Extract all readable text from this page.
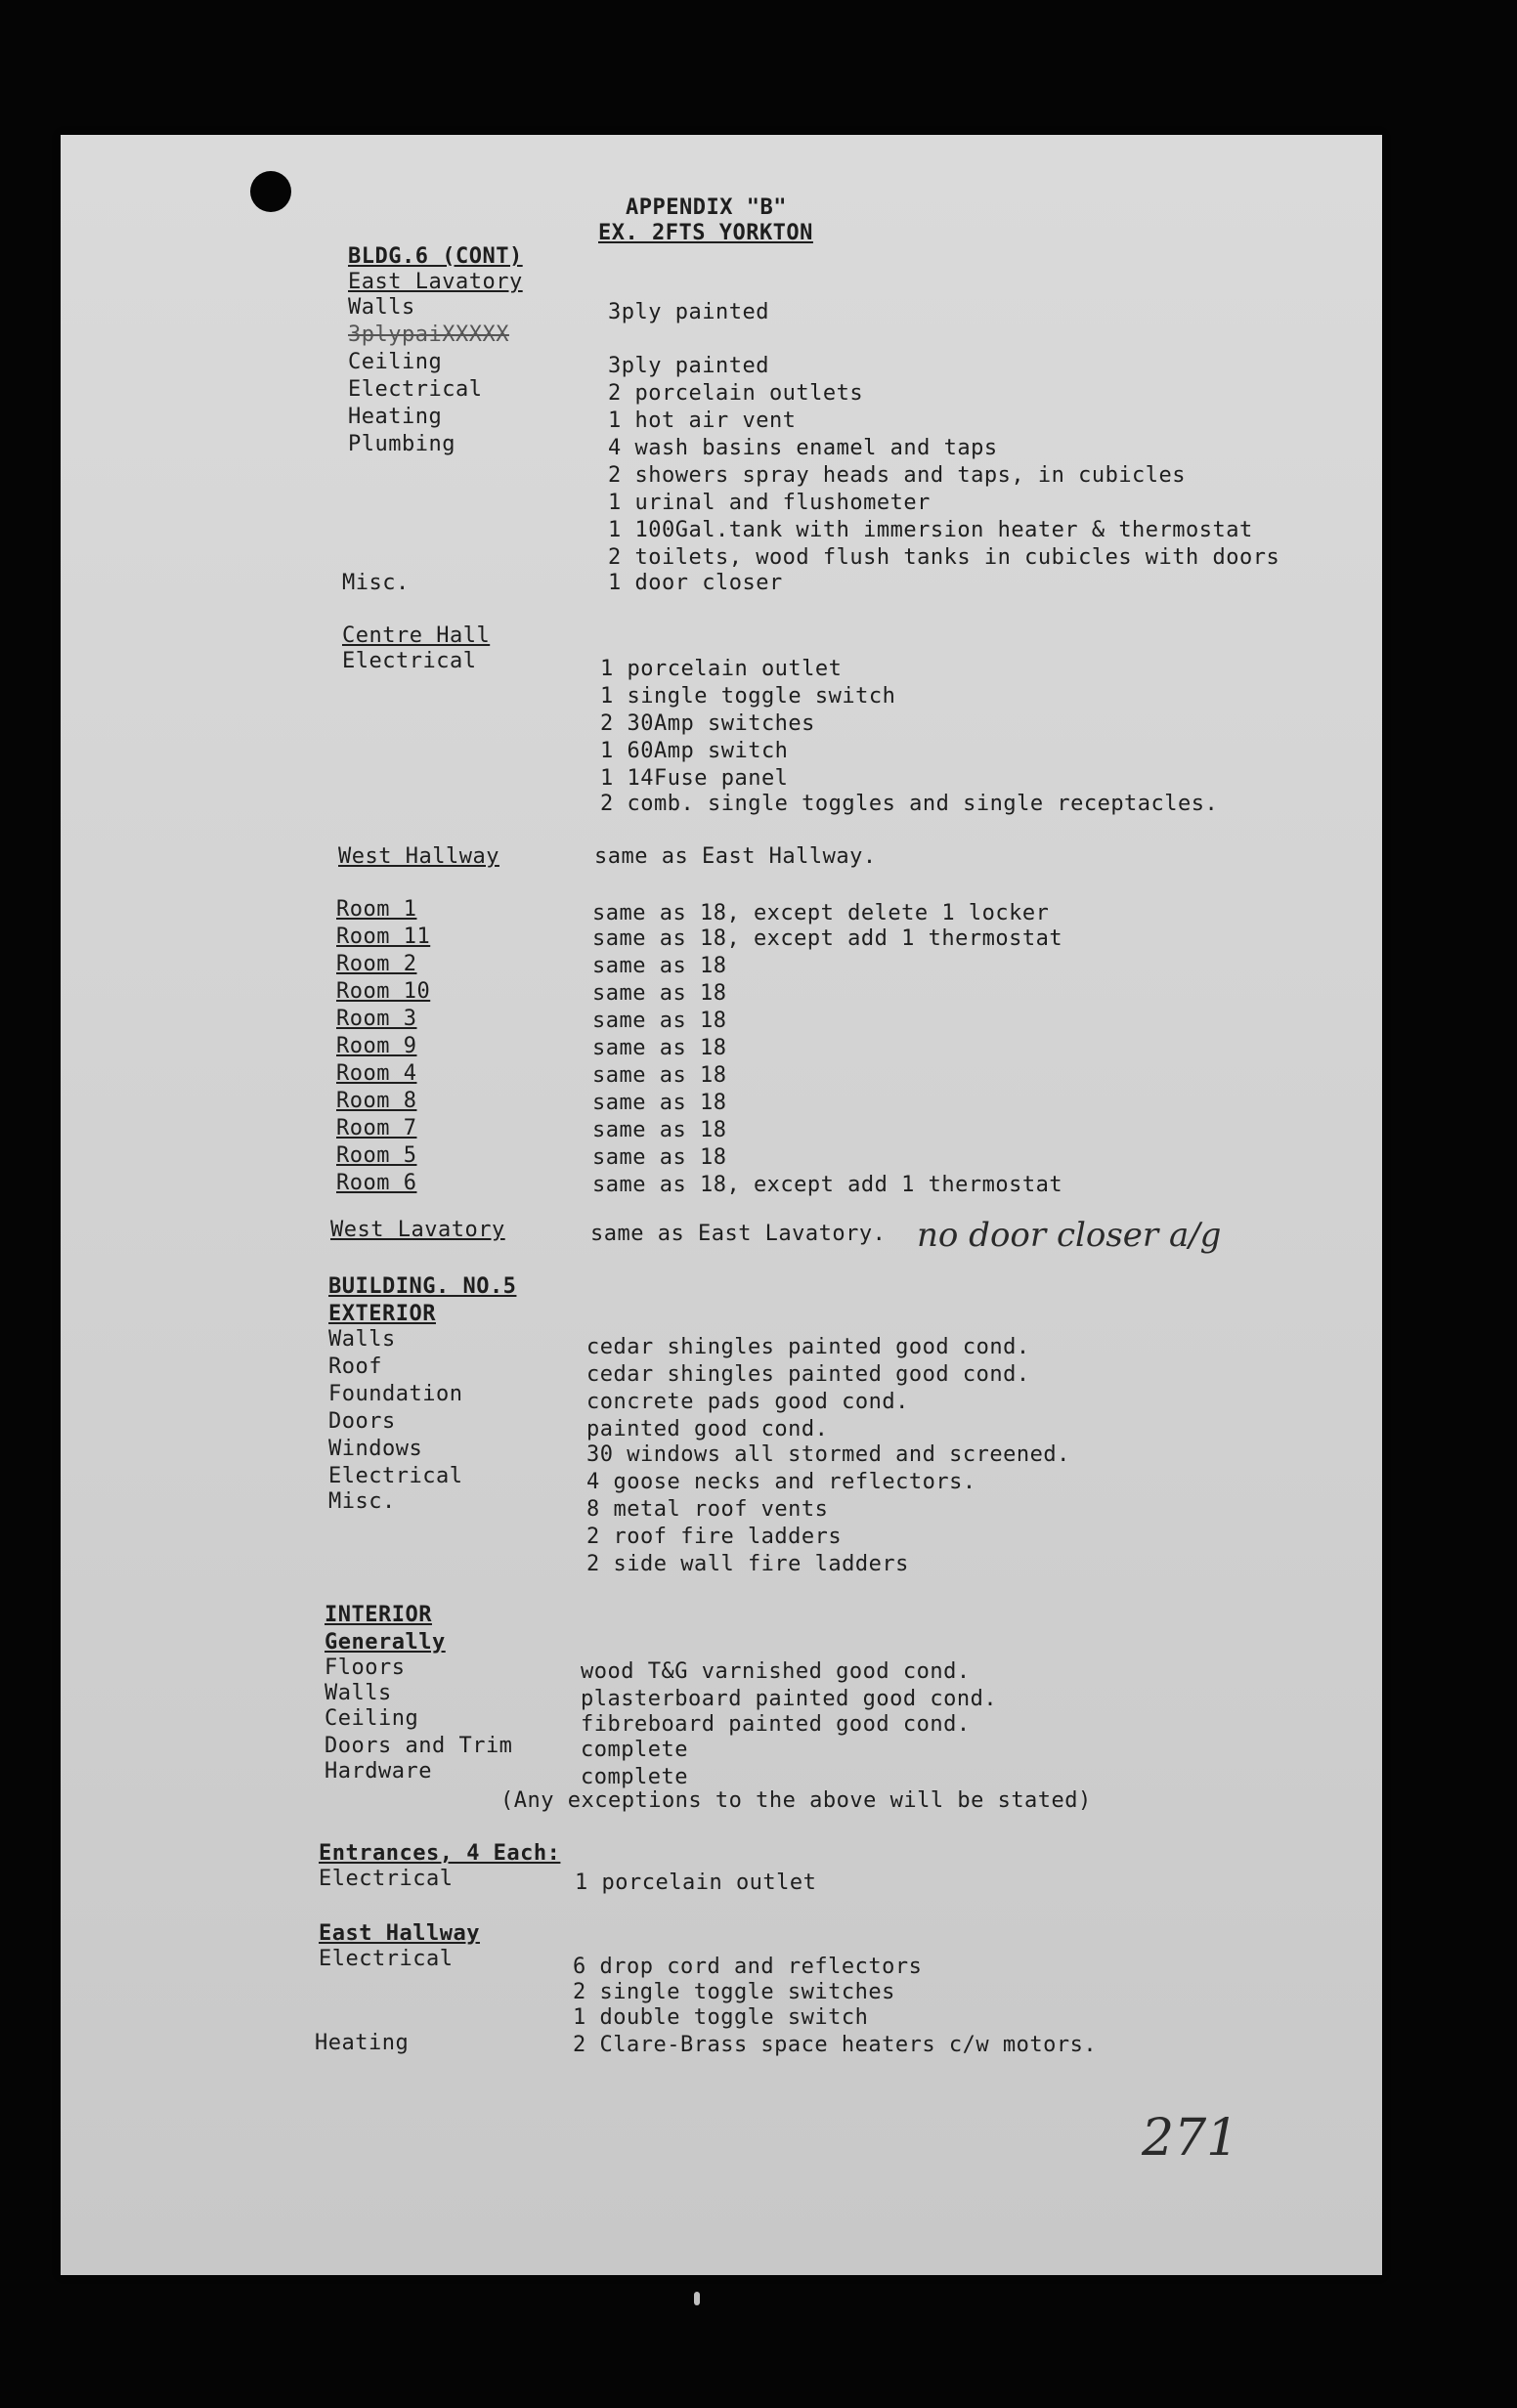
APPENDIX "B"
EX. 2FTS YORKTON
BLDG.6 (CONT)
East Lavatory
Walls	3ply painted
3plypaiXXXXX
Ceiling	3ply painted
Electrical	2 porcelain outlets
Heating	1 hot air vent
Plumbing	4 wash basins enamel and taps
2 showers spray heads and taps, in cubicles
1 urinal and flushometer
1 100Gal.tank with immersion heater & thermostat
2 toilets, wood flush tanks in cubicles with doors
Misc.	1 door closer
Centre Hall
Electrical	1 porcelain outlet
1 single toggle switch
2 30Amp switches
1 60Amp switch
1 14Fuse panel
2 comb. single toggles and single receptacles.
West Hallway	same as East Hallway.
Room 1	same as 18, except delete 1 locker
Room 11	same as 18, except add 1 thermostat
Room 2	same as 18
Room 10	same as 18
Room 3	same as 18
Room 9	same as 18
Room 4	same as 18
Room 8	same as 18
Room 7	same as 18
Room 5	same as 18
Room 6	same as 18, except add 1 thermostat
West Lavatory	same as East Lavatory. no door closer a/g
BUILDING. NO.5
EXTERIOR
Walls	cedar shingles painted good cond.
Roof	cedar shingles painted good cond.
Foundation	concrete pads good cond.
Doors	painted good cond.
Windows	30 windows all stormed and screened.
Electrical	4 goose necks and reflectors.
Misc.	8 metal roof vents
2 roof fire ladders
2 side wall fire ladders
INTERIOR
Generally
Floors	wood T&G varnished good cond.
Walls	plasterboard painted good cond.
Ceiling	fibreboard painted good cond.
Doors and Trim	complete
Hardware	complete
(Any exceptions to the above will be stated)
Entrances, 4 Each:
Electrical	1 porcelain outlet
East Hallway
Electrical	6 drop cord and reflectors
2 single toggle switches
1 double toggle switch
Heating	2 Clare-Brass space heaters c/w motors.
271
